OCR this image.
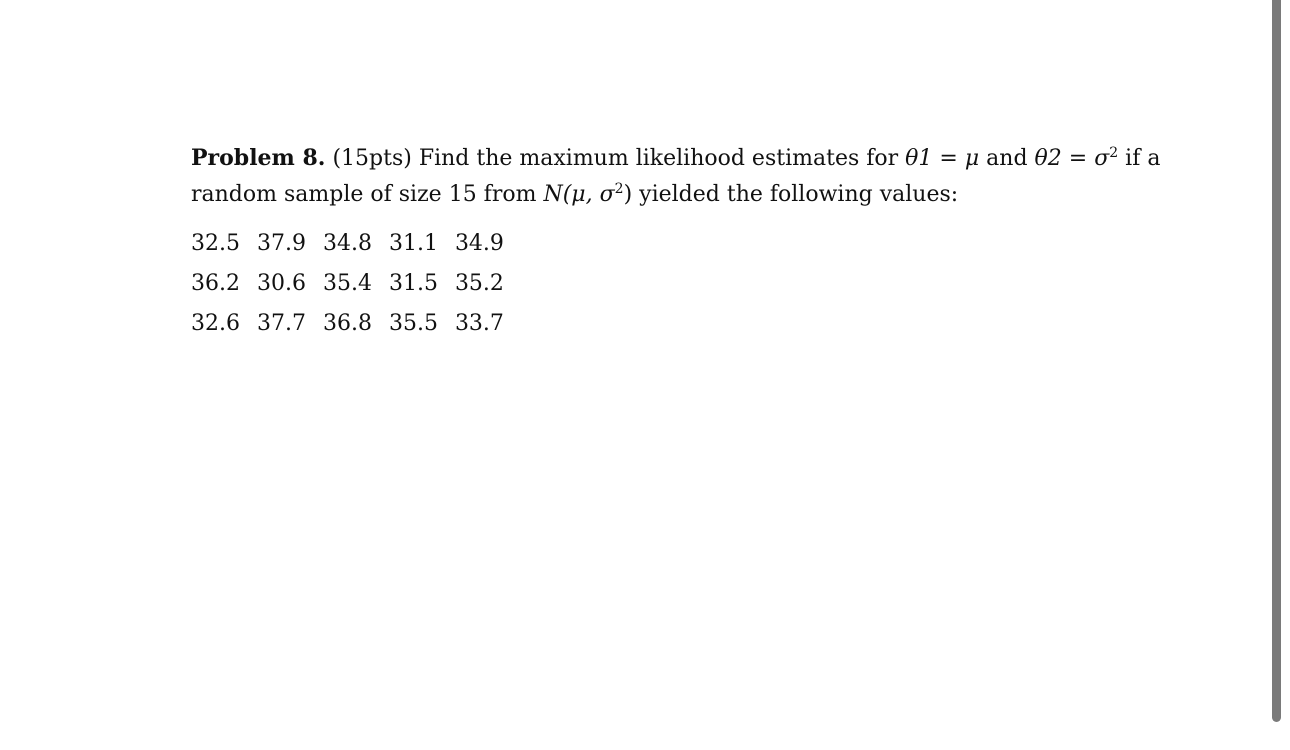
Problem 8. (15pts) Find the maximum likelihood estimates for θ1 = μ and $\theta 2 = \sigma^2$ if a
random sample of size 15 from N(μ, $\sigma^2$) yielded the following values:
32.5 37.9 34.8 31.1 34.9
36.2 30.6 35.4 31.5 35.2
32.6 37.7 36.8 35.5 33.7
